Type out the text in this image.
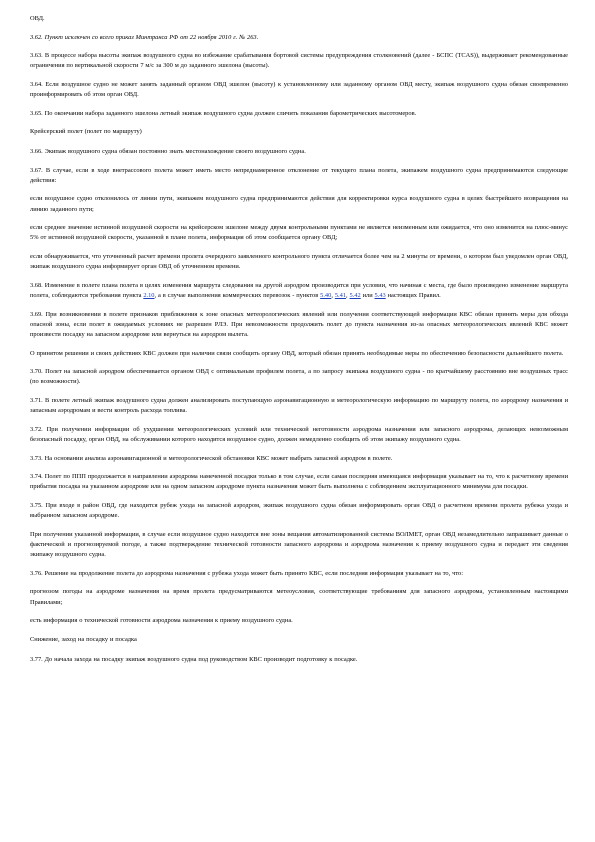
ОВД.

3.62. Пункт исключен со всего приказ Минтранса РФ от 22 ноября 2010 г. № 263.

3.63. В процессе набора высоты экипаж воздушного судна во избежание срабатывания бортовой системы предупреждения столкновений (далее - БСПС (TCAS)), выдерживает рекомендованные ограничения по вертикальной скорости 7 м/с за 300 м до заданного эшелона (высоты).

3.64. Если воздушное судно не может занять заданный органом ОВД эшелон (высоту) к установленному или заданному органом ОВД месту, экипаж воздушного судна обязан своевременно проинформировать об этом орган ОВД.

3.65. По окончании набора заданного эшелона летный экипаж воздушного судна должен сличить показания барометрических высотомеров.

Крейсерский полет (полет по маршруту)

3.66. Экипаж воздушного судна обязан постоянно знать местонахождение своего воздушного судна.

3.67. В случае, если в ходе внетрассового полета может иметь место непреднамеренное отклонение от текущего плана полета, экипажем воздушного судна предпринимаются следующие действия:

если воздушное судно отклонилось от линии пути, экипажем воздушного судна предпринимаются действия для корректировки курса воздушного судна в целях быстрейшего возвращения на линию заданного пути;

если среднее значение истинной воздушной скорости на крейсерском эшелоне между двумя контрольными пунктами не является неизменным или ожидается, что оно изменится на плюс-минус 5% от истинной воздушной скорости, указанной в плане полета, информация об этом сообщается органу ОВД;

если обнаруживается, что уточненный расчет времени пролета очередного заявленного контрольного пункта отличается более чем на 2 минуты от времени, о котором был уведомлен орган ОВД, экипаж воздушного судна информирует орган ОВД об уточненном времени.

3.68. Изменение в полете плана полета в целях изменения маршрута следования на другой аэродром производится при условии, что начиная с места, где было произведено изменение маршрута полета, соблюдаются требования пункта 2.10, а в случае выполнения коммерческих перевозок - пунктов 5.40, 5.41, 5.42 или 5.43 настоящих Правил.

3.69. При возникновении в полете признаков приближения к зоне опасных метеорологических явлений или получения соответствующей информации КВС обязан принять меры для обхода опасной зоны, если полет в ожидаемых условиях не разрешен РЛЭ. При невозможности продолжить полет до пункта назначения из-за опасных метеорологических явлений КВС может произвести посадку на запасном аэродроме или вернуться на аэродром вылета.

О принятом решении и своих действиях КВС должен при наличии связи сообщить органу ОВД, который обязан принять необходимые меры по обеспечению безопасности дальнейшего полета.

3.70. Полет на запасной аэродром обеспечивается органом ОВД с оптимальным профилем полета, а по запросу экипажа воздушного судна - по кратчайшему расстоянию вне воздушных трасс (по возможности).

3.71. В полете летный экипаж воздушного судна должен анализировать поступающую аэронавигационную и метеорологическую информацию по маршруту полета, по аэродрому назначения и запасным аэродромам и вести контроль расхода топлива.

3.72. При получении информации об ухудшении метеорологических условий или технической неготовности аэродрома назначения или запасного аэродрома, делающих невозможным безопасный посадку, орган ОВД, на обслуживании которого находится воздушное судно, должен немедленно сообщить об этом экипажу воздушного судна.

3.73. На основании анализа аэронавигационной и метеорологической обстановки КВС может выбрать запасной аэродром в полете.

3.74. Полет по ППП продолжается в направлении аэродрома намеченной посадки только в том случае, если самая последняя имеющаяся информация указывает на то, что к расчетному времени прибытия посадка на указанном аэродроме или на одном запасном аэродроме пункта назначения может быть выполнена с соблюдением эксплуатационного минимума для посадки.

3.75. При входе в район ОВД, где находится рубеж ухода на запасной аэродром, экипаж воздушного судна обязан информировать орган ОВД о расчетном времени пролета рубежа ухода и выбранном запасном аэродроме.

При получении указанной информации, в случае если воздушное судно находится вне зоны вещания автоматизированной системы ВОЛМЕТ, орган ОВД незамедлительно запрашивает данные о фактической и прогнозируемой погоде, а также подтверждение технической готовности запасного аэродрома и аэродрома назначения к приему воздушного судна и передает эти сведения экипажу воздушного судна.

3.76. Решение на продолжение полета до аэродрома назначения с рубежа ухода может быть принято КВС, если последняя информация указывает на то, что:

прогнозом погоды на аэродроме назначения на время пролета предусматриваются метеоусловия, соответствующие требованиям для запасного аэродрома, установленным настоящими Правилами;

есть информация о технической готовности аэродрома назначения к приему воздушного судна.

Снижение, заход на посадку и посадка

3.77. До начала захода на посадку экипаж воздушного судна под руководством КВС производит подготовку к посадке.
